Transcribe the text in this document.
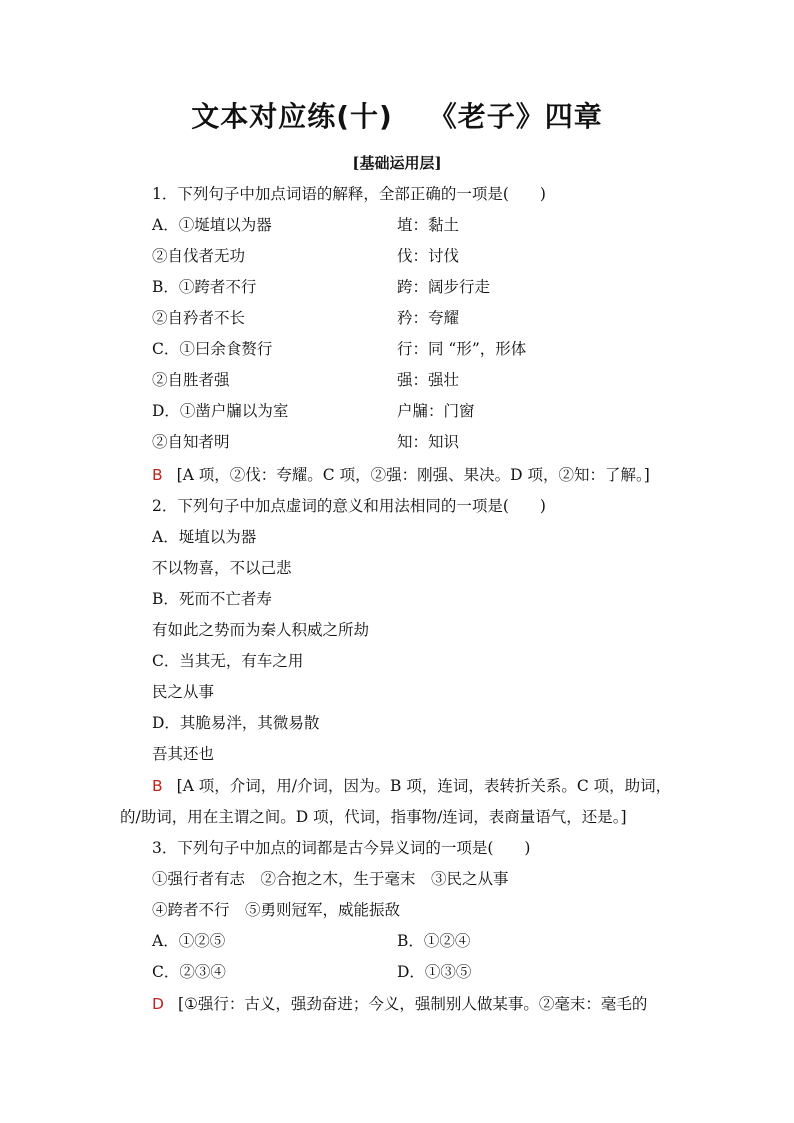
文本对应练(十) 《老子》四章
[基础运用层]
1．下列句子中加点词语的解释，全部正确的一项是(　　)
A．①埏埴以为器	埴：黏土
②自伐者无功	伐：讨伐
B．①跨者不行	跨：阔步行走
②自矜者不长	矜：夸耀
C．①曰余食赘行	行：同 “形”，形体
②自胜者强	强：强壮
D．①凿户牖以为室	户牖：门窗
②自知者明	知：知识
B [A 项，②伐：夸耀。C 项，②强：刚强、果决。D 项，②知：了解。]
2．下列句子中加点虚词的意义和用法相同的一项是(　　)
A．埏埴以为器
不以物喜，不以己悲
B．死而不亡者寿
有如此之势而为秦人积威之所劫
C．当其无，有车之用
民之从事
D．其脆易泮，其微易散
吾其还也
B [A 项，介词，用/介词，因为。B 项，连词，表转折关系。C 项，助词，
的/助词，用在主谓之间。D 项，代词，指事物/连词，表商量语气，还是。]
3．下列句子中加点的词都是古今异义词的一项是(　　)
①强行者有志　②合抱之木，生于毫末　③民之从事
④跨者不行　⑤勇则冠军，威能振敌
A．①②⑤	B．①②④
C．②③④	D．①③⑤
D [①强行：古义，强劲奋进；今义，强制别人做某事。②毫末：毫毛的
